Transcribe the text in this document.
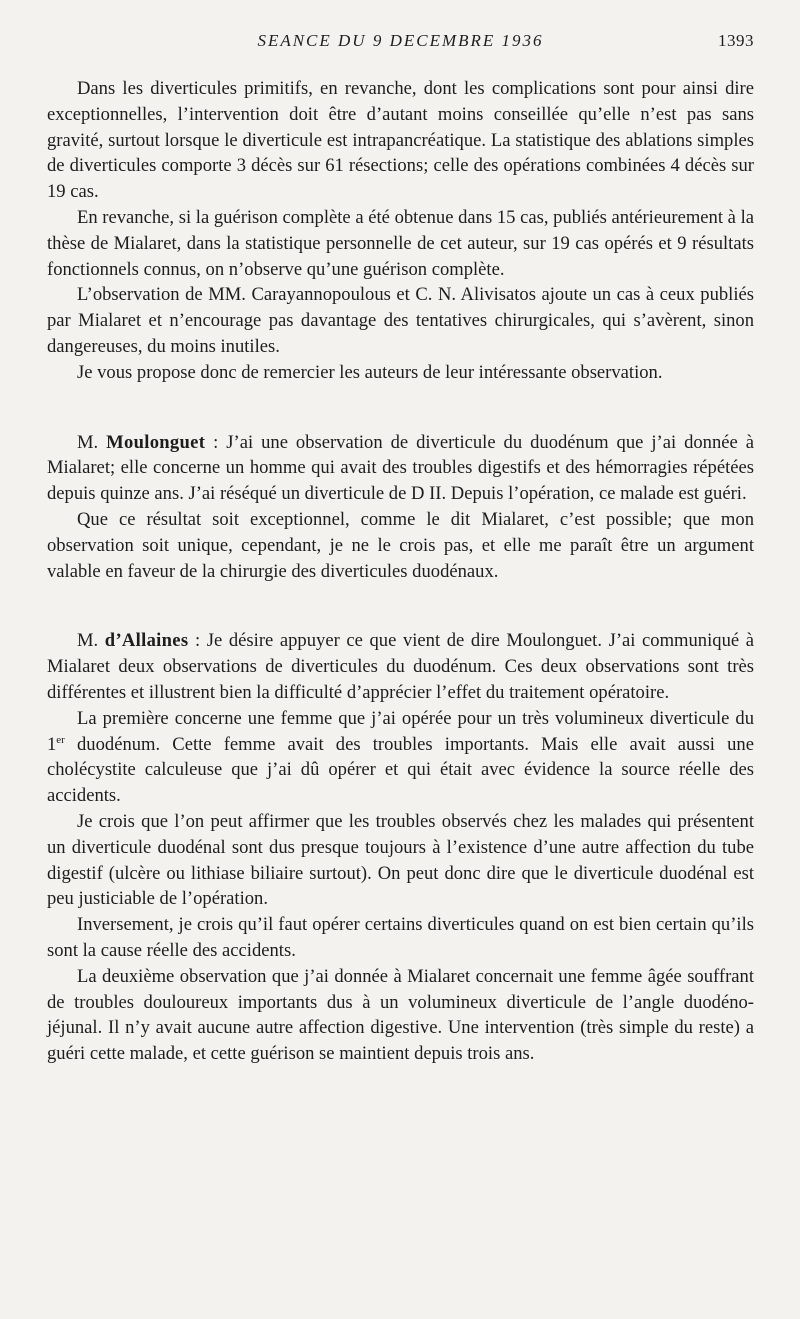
SEANCE DU 9 DECEMBRE 1936	1393

Dans les diverticules primitifs, en revanche, dont les complications sont pour ainsi dire exceptionnelles, l’intervention doit être d’autant moins conseillée qu’elle n’est pas sans gravité, surtout lorsque le diverticule est intrapancréatique. La statistique des ablations simples de diverticules comporte 3 décès sur 61 résections; celle des opérations combinées 4 décès sur 19 cas.

En revanche, si la guérison complète a été obtenue dans 15 cas, publiés antérieurement à la thèse de Mialaret, dans la statistique personnelle de cet auteur, sur 19 cas opérés et 9 résultats fonctionnels connus, on n’observe qu’une guérison complète.

L’observation de MM. Carayannopoulous et C. N. Alivisatos ajoute un cas à ceux publiés par Mialaret et n’encourage pas davantage des tentatives chirurgicales, qui s’avèrent, sinon dangereuses, du moins inutiles.

Je vous propose donc de remercier les auteurs de leur intéressante observation.

M. Moulonguet : J’ai une observation de diverticule du duodénum que j’ai donnée à Mialaret; elle concerne un homme qui avait des troubles digestifs et des hémorragies répétées depuis quinze ans. J’ai réséqué un diverticule de D II. Depuis l’opération, ce malade est guéri.

Que ce résultat soit exceptionnel, comme le dit Mialaret, c’est possible; que mon observation soit unique, cependant, je ne le crois pas, et elle me paraît être un argument valable en faveur de la chirurgie des diverticules duodénaux.

M. d’Allaines : Je désire appuyer ce que vient de dire Moulonguet. J’ai communiqué à Mialaret deux observations de diverticules du duodénum. Ces deux observations sont très différentes et illustrent bien la difficulté d’apprécier l’effet du traitement opératoire.

La première concerne une femme que j’ai opérée pour un très volumineux diverticule du 1er duodénum. Cette femme avait des troubles importants. Mais elle avait aussi une cholécystite calculeuse que j’ai dû opérer et qui était avec évidence la source réelle des accidents.

Je crois que l’on peut affirmer que les troubles observés chez les malades qui présentent un diverticule duodénal sont dus presque toujours à l’existence d’une autre affection du tube digestif (ulcère ou lithiase biliaire surtout). On peut donc dire que le diverticule duodénal est peu justiciable de l’opération.

Inversement, je crois qu’il faut opérer certains diverticules quand on est bien certain qu’ils sont la cause réelle des accidents.

La deuxième observation que j’ai donnée à Mialaret concernait une femme âgée souffrant de troubles douloureux importants dus à un volumineux diverticule de l’angle duodéno-jéjunal. Il n’y avait aucune autre affection digestive. Une intervention (très simple du reste) a guéri cette malade, et cette guérison se maintient depuis trois ans.
